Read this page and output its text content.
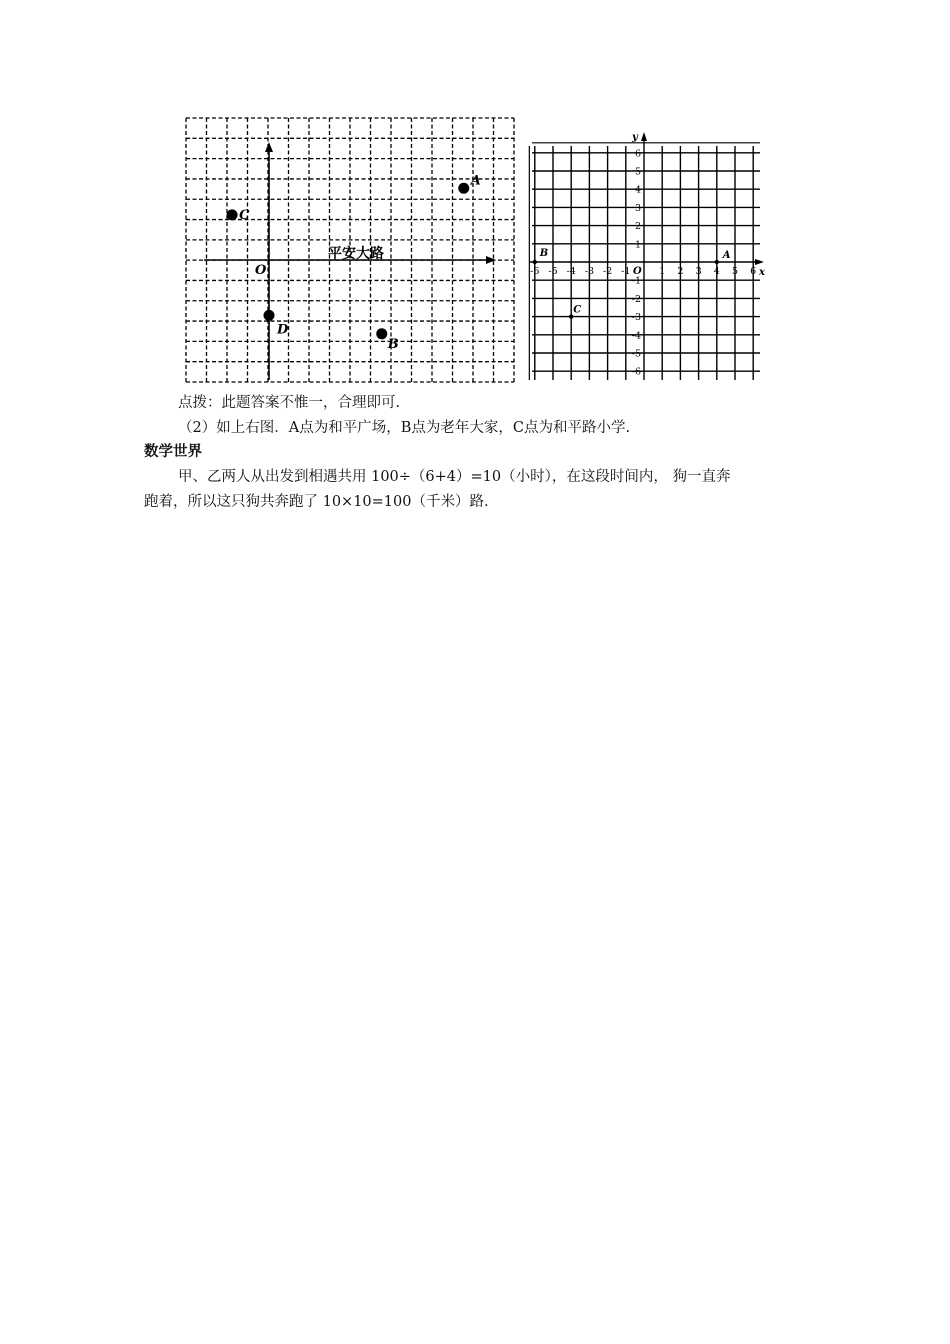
平安大路
O
A
C
D
B
x
y
O
-6 -5 -4 -3 -2 -1	1 2 3 4 5 6
6
5
4
3
2
1
-1
-2
-3
-4
-5
-6
A
B
C
点拨：此题答案不惟一，合理即可.
（2）如上右图．A点为和平广场，B点为老年大家，C点为和平路小学.
数学世界
甲、乙两人从出发到相遇共用 100÷（6+4）=10（小时），在这段时间内， 狗一直奔
跑着，所以这只狗共奔跑了 10×10=100（千米）路.
